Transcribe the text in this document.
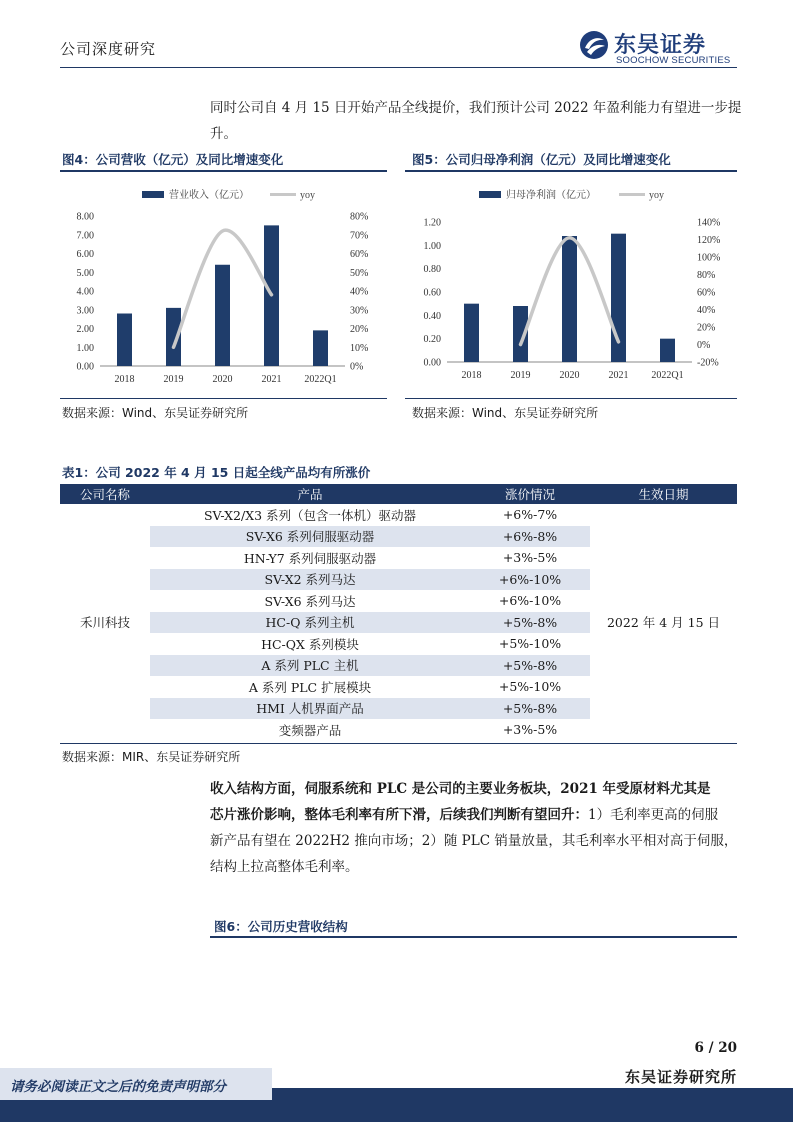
公司深度研究	东吴证券
SOOCHOW SECURITIES
同时公司自 4 月 15 日开始产品全线提价，我们预计公司 2022 年盈利能力有望进一步提
升。
图4：公司营收（亿元）及同比增速变化
营业收入（亿元）	yoy
0.00
1.00
2.00
3.00
4.00
5.00
6.00
7.00
8.00
0%
10%
20%
30%
40%
50%
60%
70%
80%
2018	2019	2020	2021 2022Q1
数据来源：Wind、东吴证券研究所
图5：公司归母净利润（亿元）及同比增速变化
归母净利润（亿元）	yoy
0.00
0.20
0.40
0.60
0.80
1.00
1.20
-20%
0%
20%
40%
60%
80%
100%
120%
140%
2018	2019	2020	2021 2022Q1
数据来源：Wind、东吴证券研究所
表1：公司 2022 年 4 月 15 日起全线产品均有所涨价
公司名称	产品	涨价情况	生效日期
禾川科技	SV-X2/X3 系列（包含一体机）驱动器	+6%-7%	2022 年 4 月 15 日
	SV-X6 系列伺服驱动器	+6%-8%	
	HN-Y7 系列伺服驱动器	+3%-5%	
	SV-X2 系列马达	+6%-10%	
	SV-X6 系列马达	+6%-10%	
	HC-Q 系列主机	+5%-8%	
	HC-QX 系列模块	+5%-10%	
	A 系列 PLC 主机	+5%-8%	
	A 系列 PLC 扩展模块	+5%-10%	
	HMI 人机界面产品	+5%-8%	
	变频器产品	+3%-5%	
数据来源：MIR、东吴证券研究所
收入结构方面，伺服系统和 PLC 是公司的主要业务板块，2021 年受原材料尤其是
芯片涨价影响，整体毛利率有所下滑，后续我们判断有望回升：1）毛利率更高的伺服
新产品有望在 2022H2 推向市场；2）随 PLC 销量放量，其毛利率水平相对高于伺服，
结构上拉高整体毛利率。
图6：公司历史营收结构
6 / 20
东吴证券研究所
请务必阅读正文之后的免责声明部分
